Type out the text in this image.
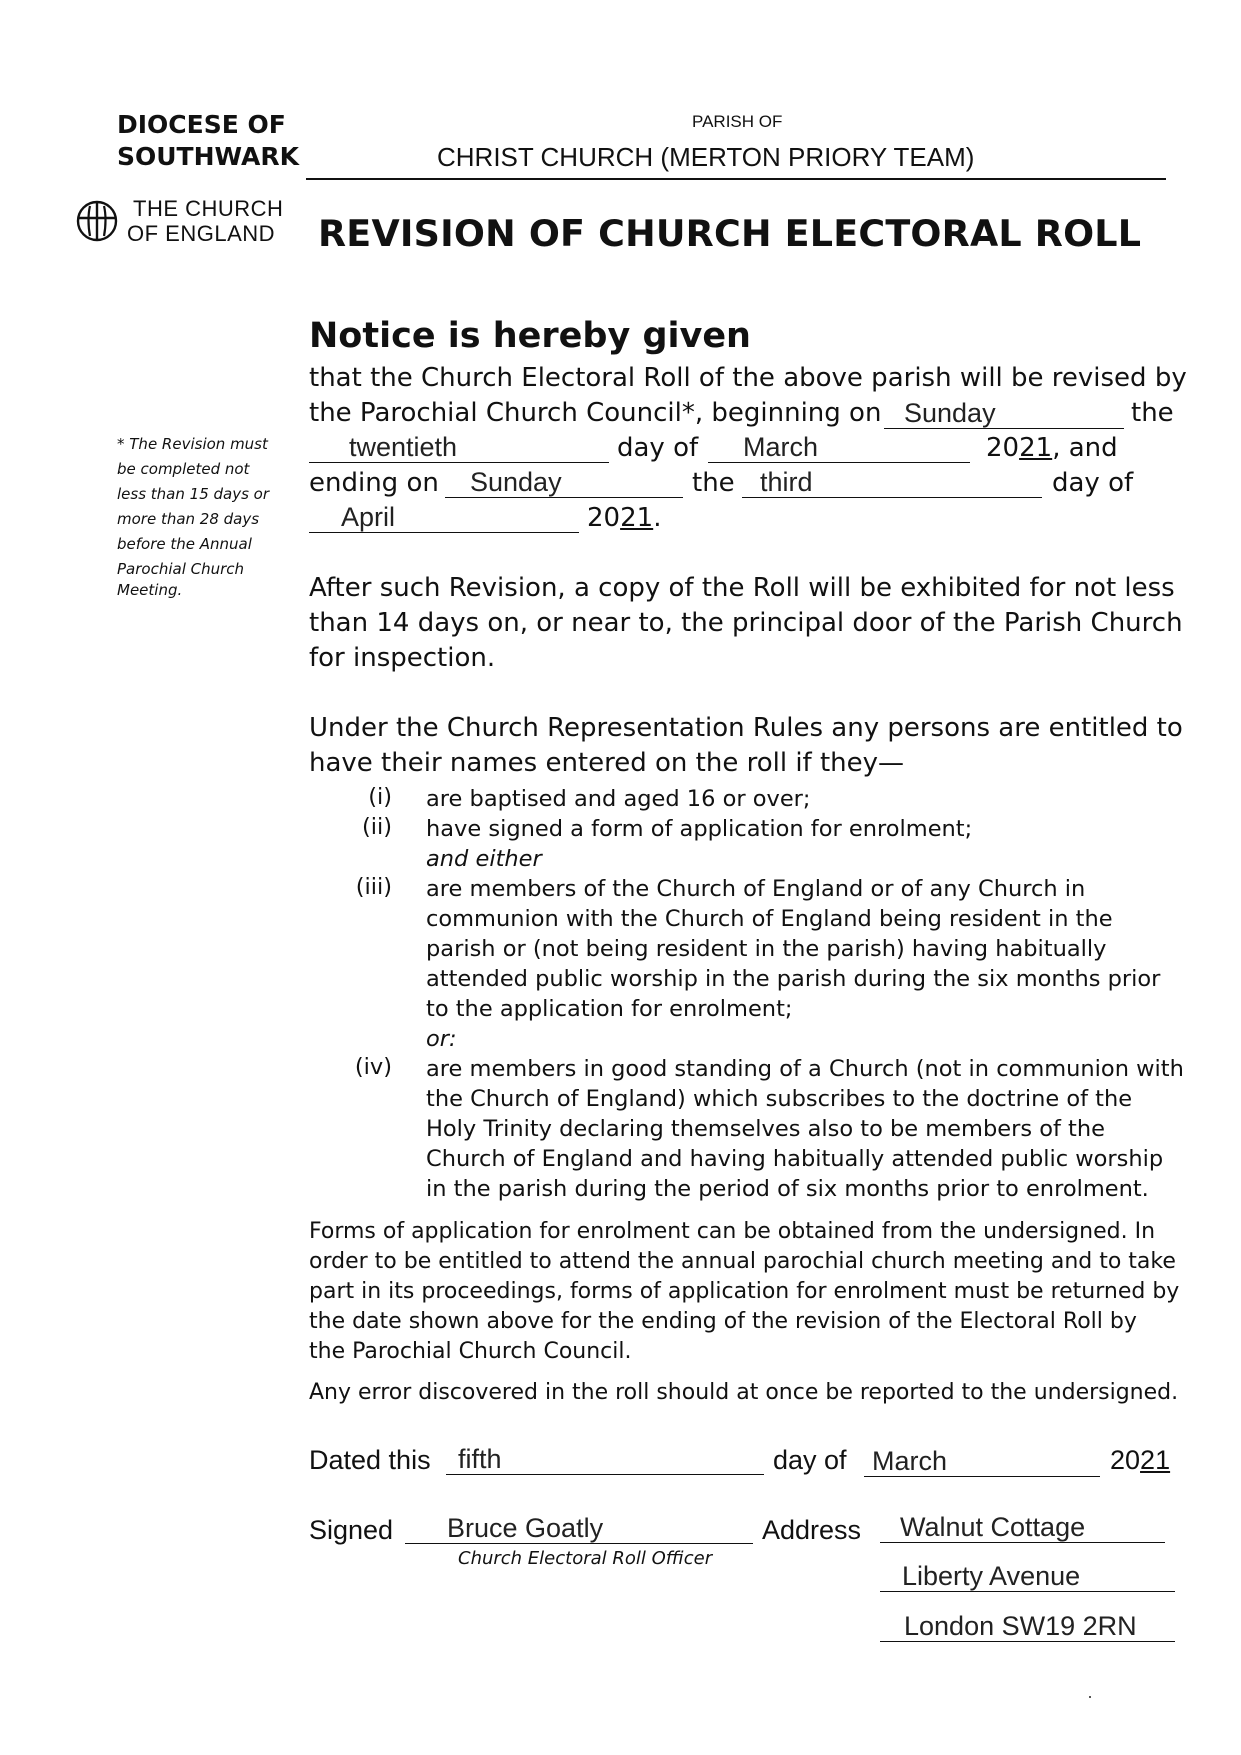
DIOCESE OF
SOUTHWARK
PARISH OF
CHRIST CHURCH (MERTON PRIORY TEAM)
THE CHURCH
OF ENGLAND REVISION OF CHURCH ELECTORAL ROLL
* The Revision must
be completed not
less than 15 days or
more than 28 days
before the Annual
Parochial Church
Meeting.
Notice is hereby given
that the Church Electoral Roll of the above parish will be revised by
the Parochial Church Council*, beginning on Sunday	the
twentieth	day of	March	2021, and
ending on	Sunday	the third	day of
April	2021.
After such Revision, a copy of the Roll will be exhibited for not less
than 14 days on, or near to, the principal door of the Parish Church
for inspection.
Under the Church Representation Rules any persons are entitled to
have their names entered on the roll if they—
(i) are baptised and aged 16 or over;
(ii) have signed a form of application for enrolment;
and either
(iii) are members of the Church of England or of any Church in communion with the Church of England being resident in the parish or (not being resident in the parish) having habitually attended public worship in the parish during the six months prior to the application for enrolment;
or:
(iv) are members in good standing of a Church (not in communion with the Church of England) which subscribes to the doctrine of the Holy Trinity declaring themselves also to be members of the Church of England and having habitually attended public worship in the parish during the period of six months prior to enrolment.
Forms of application for enrolment can be obtained from the undersigned. In
order to be entitled to attend the annual parochial church meeting and to take
part in its proceedings, forms of application for enrolment must be returned by
the date shown above for the ending of the revision of the Electoral Roll by
the Parochial Church Council.
Any error discovered in the roll should at once be reported to the undersigned.
Dated this	fifth	day of March	2021
Signed	Bruce Goatly
Church Electoral Roll Officer
Address	Walnut Cottage
Liberty Avenue
London SW19 2RN
